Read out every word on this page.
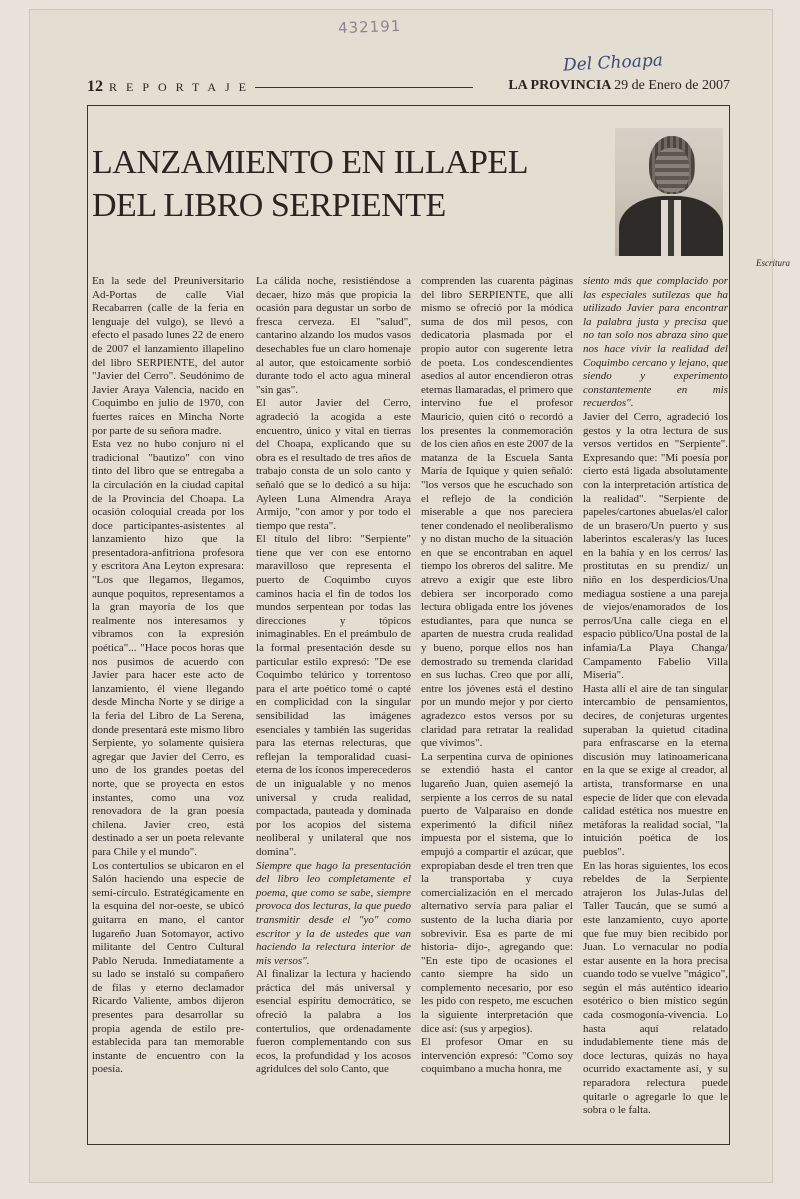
432191
Del Choapa
12 REPORTAJE	LA PROVINCIA 29 de Enero de 2007
LANZAMIENTO EN ILLAPEL
DEL LIBRO SERPIENTE
Escritura

En la sede del Preuniversitario Ad-Portas de calle Vial Recabarren (calle de la feria en lenguaje del vulgo), se llevó a efecto el pasado lunes 22 de enero de 2007 el lanzamiento illapelino del libro SERPIENTE, del autor "Javier del Cerro". Seudónimo de Javier Araya Valencia, nacido en Coquimbo en julio de 1970, con fuertes raíces en Mincha Norte por parte de su señora madre.

Esta vez no hubo conjuro ni el tradicional "bautizo" con vino tinto del libro que se entregaba a la circulación en la ciudad capital de la Provincia del Choapa. La ocasión coloquial creada por los doce participantes-asistentes al lanzamiento hizo que la presentadora-anfitriona profesora y escritora Ana Leyton expresara: "Los que llegamos, llegamos, aunque poquitos, representamos a la gran mayoría de los que realmente nos interesamos y vibramos con la expresión poética"... "Hace pocos horas que nos pusimos de acuerdo con Javier para hacer este acto de lanzamiento, él viene llegando desde Mincha Norte y se dirige a la feria del Libro de La Serena, donde presentará este mismo libro Serpiente, yo solamente quisiera agregar que Javier del Cerro, es uno de los grandes poetas del norte, que se proyecta en estos instantes, como una voz renovadora de la gran poesía chilena. Javier creo, está destinado a ser un poeta relevante para Chile y el mundo".

Los contertulios se ubicaron en el Salón haciendo una especie de semi-círculo. Estratégicamente en la esquina del nor-oeste, se ubicó guitarra en mano, el cantor lugareño Juan Sotomayor, activo militante del Centro Cultural Pablo Neruda. Inmediatamente a su lado se instaló su compañero de filas y eterno declamador Ricardo Valiente, ambos dijeron presentes para desarrollar su propia agenda de estilo pre-establecida para tan memorable instante de encuentro con la poesía.

La cálida noche, resistiéndose a decaer, hizo más que propicia la ocasión para degustar un sorbo de fresca cerveza. El "salud", cantarino alzando los mudos vasos desechables fue un claro homenaje al autor, que estoicamente sorbió durante todo el acto agua mineral "sin gas".

El autor Javier del Cerro, agradeció la acogida a este encuentro, único y vital en tierras del Choapa, explicando que su obra es el resultado de tres años de trabajo consta de un solo canto y señaló que se lo dedicó a su hija: Ayleen Luna Almendra Araya Armijo, "con amor y por todo el tiempo que resta".

El título del libro: "Serpiente" tiene que ver con ese entorno maravilloso que representa el puerto de Coquimbo cuyos caminos hacia el fin de todos los mundos serpentean por todas las direcciones y tópicos inimaginables. En el preámbulo de la formal presentación desde su particular estilo expresó: "De ese Coquimbo telúrico y torrentoso para el arte poético tomé o capté en complicidad con la singular sensibilidad las imágenes esenciales y también las sugeridas para las eternas relecturas, que reflejan la temporalidad cuasi-eterna de los íconos imperecederos de un inigualable y no menos universal y cruda realidad, compactada, pauteada y dominada por los acopios del sistema neoliberal y unilateral que nos domina".

Siempre que hago la presentación del libro leo completamente el poema, que como se sabe, siempre provoca dos lecturas, la que puedo transmitir desde el "yo" como escritor y la de ustedes que van haciendo la relectura interior de mis versos".

Al finalizar la lectura y haciendo práctica del más universal y esencial espíritu democrático, se ofreció la palabra a los contertulios, que ordenadamente fueron complementando con sus ecos, la profundidad y los acosos agridulces del solo Canto, que

comprenden las cuarenta páginas del libro SERPIENTE, que allí mismo se ofreció por la módica suma de dos mil pesos, con dedicatoria plasmada por el propio autor con sugerente letra de poeta. Los condescendientes asedios al autor encendieron otras eternas llamaradas, el primero que intervino fue el profesor Mauricio, quien citó o recordó a los presentes la conmemoración de los cien años en este 2007 de la matanza de la Escuela Santa María de Iquique y quien señaló: "los versos que he escuchado son el reflejo de la condición miserable a que nos pareciera tener condenado el neoliberalismo y no distan mucho de la situación en que se encontraban en aquel tiempo los obreros del salitre. Me atrevo a exigir que este libro debiera ser incorporado como lectura obligada entre los jóvenes estudiantes, para que nunca se aparten de nuestra cruda realidad y bueno, porque ellos nos han demostrado su tremenda claridad en sus luchas. Creo que por allí, entre los jóvenes está el destino por un mundo mejor y por cierto agradezco estos versos por su claridad para retratar la realidad que vivimos".

La serpentina curva de opiniones se extendió hasta el cantor lugareño Juan, quien asemejó la serpiente a los cerros de su natal puerto de Valparaíso en donde experimentó la difícil niñez impuesta por el sistema, que lo empujó a compartir el azúcar, que expropiaban desde el tren tren que la transportaba y cuya comercialización en el mercado alternativo servía para paliar el sustento de la lucha diaria por sobrevivir. Esa es parte de mi historia- dijo-, agregando que: "En este tipo de ocasiones el canto siempre ha sido un complemento necesario, por eso les pido con respeto, me escuchen la siguiente interpretación que dice así: (sus y arpegios).

El profesor Omar en su intervención expresó: "Como soy coquimbano a mucha honra, me

siento más que complacido por las especiales sutilezas que ha utilizado Javier para encontrar la palabra justa y precisa que no tan solo nos abraza sino que nos hace vivir la realidad del Coquimbo cercano y lejano, que siendo y experimento constantemente en mis recuerdos".

Javier del Cerro, agradeció los gestos y la otra lectura de sus versos vertidos en "Serpiente". Expresando que: "Mi poesía por cierto está ligada absolutamente con la interpretación artística de la realidad". "Serpiente de papeles/cartones abuelas/el calor de un brasero/Un puerto y sus laberintos escaleras/y las luces en la bahía y en los cerros/ las prostitutas en su prendiz/ un niño en los desperdicios/Una mediagua sostiene a una pareja de viejos/enamorados de los perros/Una calle ciega en el espacio público/Una postal de la infamia/La Playa Changa/ Campamento Fabelio Villa Miseria".

Hasta allí el aire de tan singular intercambio de pensamientos, decires, de conjeturas urgentes superaban la quietud citadina para enfrascarse en la eterna discusión muy latinoamericana en la que se exige al creador, al artista, transformarse en una especie de líder que con elevada calidad estética nos muestre en metáforas la realidad social, "la intuición poética de los pueblos".

En las horas siguientes, los ecos rebeldes de la Serpiente atrajeron los Julas-Julas del Taller Taucán, que se sumó a este lanzamiento, cuyo aporte que fue muy bien recibido por Juan. Lo vernacular no podía estar ausente en la hora precisa cuando todo se vuelve "mágico", según el más auténtico ideario esotérico o bien místico según cada cosmogonía-vivencia. Lo hasta aquí relatado indudablemente tiene más de doce lecturas, quizás no haya ocurrido exactamente así, y su reparadora relectura puede quitarle o agregarle lo que le sobra o le falta.
